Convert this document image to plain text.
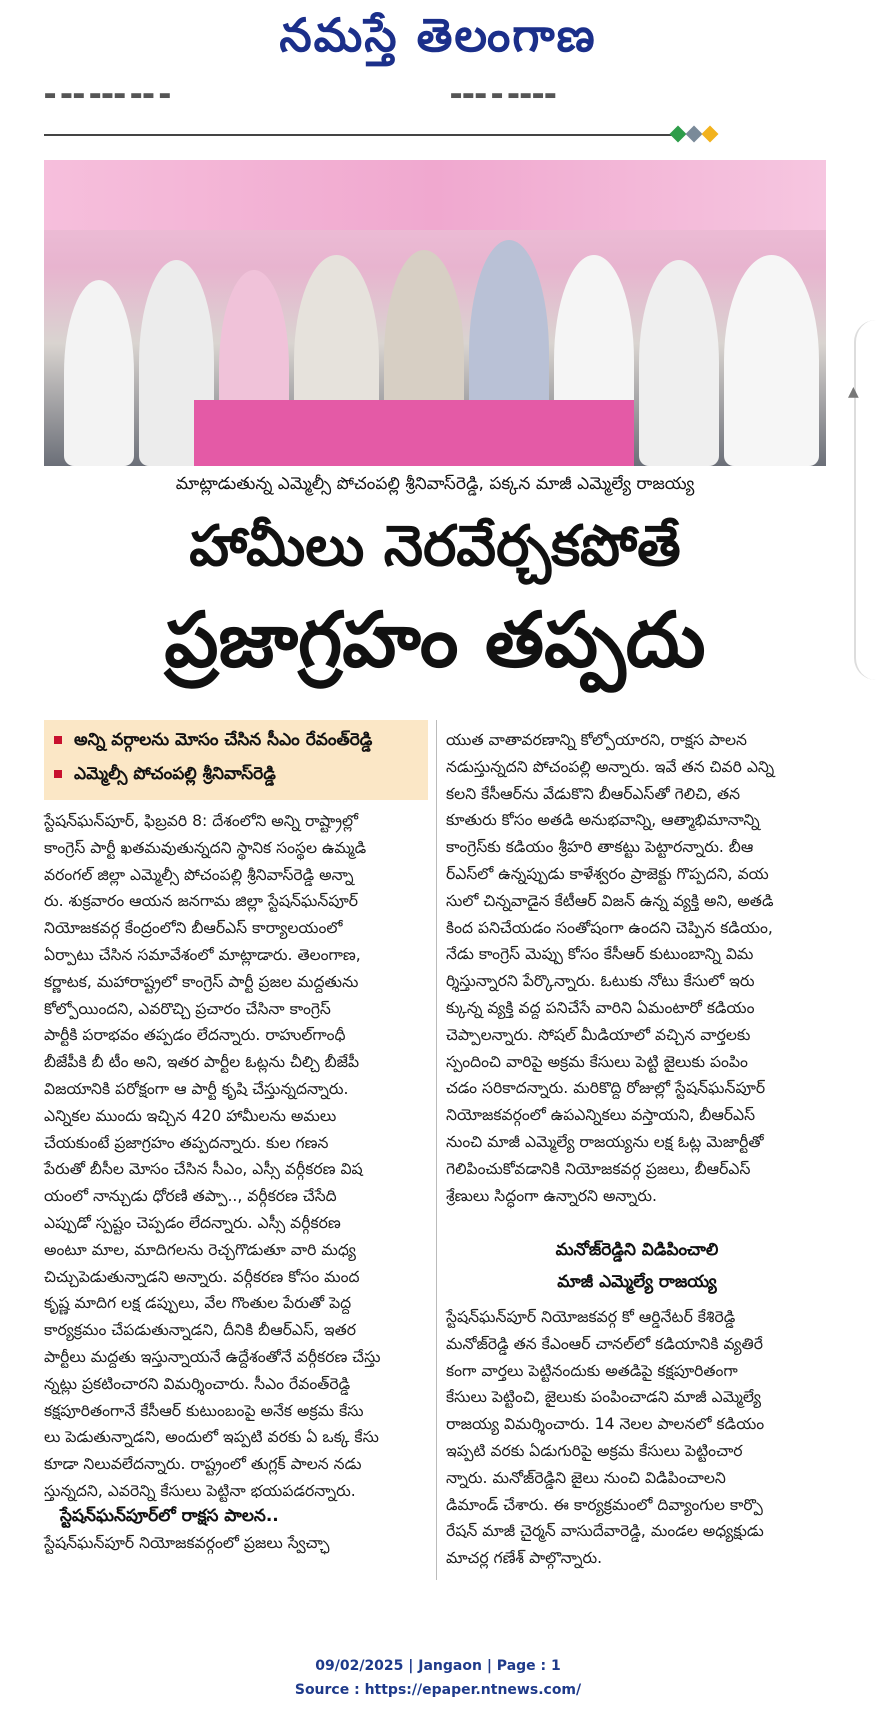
నమస్తే తెలంగాణ
▬ ▬▬ ▬▬▬ ▬▬ ▬	▬▬▬ ▬ ▬▬▬▬
మాట్లాడుతున్న ఎమ్మెల్సీ పోచంపల్లి శ్రీనివాస్‌రెడ్డి, పక్కన మాజీ ఎమ్మెల్యే రాజయ్య
హామీలు నెరవేర్చకపోతే
ప్రజాగ్రహం తప్పదు
అన్ని వర్గాలను మోసం చేసిన సీఎం రేవంత్‌రెడ్డి
ఎమ్మెల్సీ పోచంపల్లి శ్రీనివాస్‌రెడ్డి

స్టేషన్‌ఘన్‌పూర్, ఫిబ్రవరి 8: దేశంలోని అన్ని రాష్ట్రాల్లో

కాంగ్రెస్ పార్టీ ఖతమవుతున్నదని స్థానిక సంస్థల ఉమ్మడి

వరంగల్ జిల్లా ఎమ్మెల్సీ పోచంపల్లి శ్రీనివాస్‌రెడ్డి అన్నా

రు. శుక్రవారం ఆయన జనగామ జిల్లా స్టేషన్‌ఘన్‌పూర్

నియోజకవర్గ కేంద్రంలోని బీఆర్‌ఎస్ కార్యాలయంలో

ఏర్పాటు చేసిన సమావేశంలో మాట్లాడారు. తెలంగాణ,

కర్ణాటక, మహారాష్ట్రలో కాంగ్రెస్ పార్టీ ప్రజల మద్దతును

కోల్పోయిందని, ఎవరొచ్చి ప్రచారం చేసినా కాంగ్రెస్

పార్టీకి పరాభవం తప్పడం లేదన్నారు. రాహుల్‌గాంధీ

బీజేపీకి బీ టీం అని, ఇతర పార్టీల ఓట్లను చీల్చి బీజేపీ

విజయానికి పరోక్షంగా ఆ పార్టీ కృషి చేస్తున్నదన్నారు.

ఎన్నికల ముందు ఇచ్చిన 420 హామీలను అమలు

చేయకుంటే ప్రజాగ్రహం తప్పదన్నారు. కుల గణన

పేరుతో బీసీల మోసం చేసిన సీఎం, ఎస్సీ వర్గీకరణ విష

యంలో నాన్చుడు ధోరణి తప్పా.., వర్గీకరణ చేసేది

ఎప్పుడో స్పష్టం చెప్పడం లేదన్నారు. ఎస్సీ వర్గీకరణ

అంటూ మాల, మాదిగలను రెచ్చగొడుతూ వారి మధ్య

చిచ్చుపెడుతున్నాడని అన్నారు. వర్గీకరణ కోసం మంద

కృష్ణ మాదిగ లక్ష డప్పులు, వేల గొంతుల పేరుతో పెద్ద

కార్యక్రమం చేపడుతున్నాడని, దీనికి బీఆర్‌ఎస్, ఇతర

పార్టీలు మద్దతు ఇస్తున్నాయనే ఉద్దేశంతోనే వర్గీకరణ చేస్తు

న్నట్లు ప్రకటించారని విమర్శించారు. సీఎం రేవంత్‌రెడ్డి

కక్షపూరితంగానే కేసీఆర్ కుటుంబంపై అనేక అక్రమ కేసు

లు పెడుతున్నాడని, అందులో ఇప్పటి వరకు ఏ ఒక్క కేసు

కూడా నిలువలేదన్నారు. రాష్ట్రంలో తుగ్లక్ పాలన నడు

స్తున్నదని, ఎవరెన్ని కేసులు పెట్టినా భయపడరన్నారు.

స్టేషన్‌ఘన్‌పూర్‌లో రాక్షస పాలన..

స్టేషన్‌ఘన్‌పూర్ నియోజకవర్గంలో ప్రజలు స్వేచ్ఛా

యుత వాతావరణాన్ని కోల్పోయారని, రాక్షస పాలన

నడుస్తున్నదని పోచంపల్లి అన్నారు. ఇవే తన చివరి ఎన్ని

కలని కేసీఆర్‌ను వేడుకొని బీఆర్‌ఎస్‌తో గెలిచి, తన

కూతురు కోసం అతడి అనుభవాన్ని, ఆత్మాభిమానాన్ని

కాంగ్రెస్‌కు కడియం శ్రీహరి తాకట్టు పెట్టారన్నారు. బీఆ

ర్‌ఎస్‌లో ఉన్నప్పుడు కాళేశ్వరం ప్రాజెక్టు గొప్పదని, వయ

సులో చిన్నవాడైన కేటీఆర్ విజన్ ఉన్న వ్యక్తి అని, అతడి

కింద పనిచేయడం సంతోషంగా ఉందని చెప్పిన కడియం,

నేడు కాంగ్రెస్ మెప్పు కోసం కేసీఆర్ కుటుంబాన్ని విమ

ర్శిస్తున్నారని పేర్కొన్నారు. ఓటుకు నోటు కేసులో ఇరు

క్కున్న వ్యక్తి వద్ద పనిచేసే వారిని ఏమంటారో కడియం

చెప్పాలన్నారు. సోషల్ మీడియాలో వచ్చిన వార్తలకు

స్పందించి వారిపై అక్రమ కేసులు పెట్టి జైలుకు పంపిం

చడం సరికాదన్నారు. మరికొద్ది రోజుల్లో స్టేషన్‌ఘన్‌పూర్

నియోజకవర్గంలో ఉపఎన్నికలు వస్తాయని, బీఆర్‌ఎస్

నుంచి మాజీ ఎమ్మెల్యే రాజయ్యను లక్ష ఓట్ల మెజార్టీతో

గెలిపించుకోవడానికి నియోజకవర్గ ప్రజలు, బీఆర్‌ఎస్

శ్రేణులు సిద్ధంగా ఉన్నారని అన్నారు.

మనోజ్‌రెడ్డిని విడిపించాలి
మాజీ ఎమ్మెల్యే రాజయ్య

స్టేషన్‌ఘన్‌పూర్ నియోజకవర్గ కో ఆర్డినేటర్ కేశిరెడ్డి

మనోజ్‌రెడ్డి తన కేఎంఆర్ చానల్‌లో కడియానికి వ్యతిరే

కంగా వార్తలు పెట్టినందుకు అతడిపై కక్షపూరితంగా

కేసులు పెట్టించి, జైలుకు పంపించాడని మాజీ ఎమ్మెల్యే

రాజయ్య విమర్శించారు. 14 నెలల పాలనలో కడియం

ఇప్పటి వరకు ఏడుగురిపై అక్రమ కేసులు పెట్టించార

న్నారు. మనోజ్‌రెడ్డిని జైలు నుంచి విడిపించాలని

డిమాండ్ చేశారు. ఈ కార్యక్రమంలో దివ్యాంగుల కార్పొ

రేషన్ మాజీ చైర్మన్ వాసుదేవారెడ్డి, మండల అధ్యక్షుడు

మాచర్ల గణేశ్ పాల్గొన్నారు.

▲
09/02/2025 | Jangaon | Page : 1
Source : https://epaper.ntnews.com/
